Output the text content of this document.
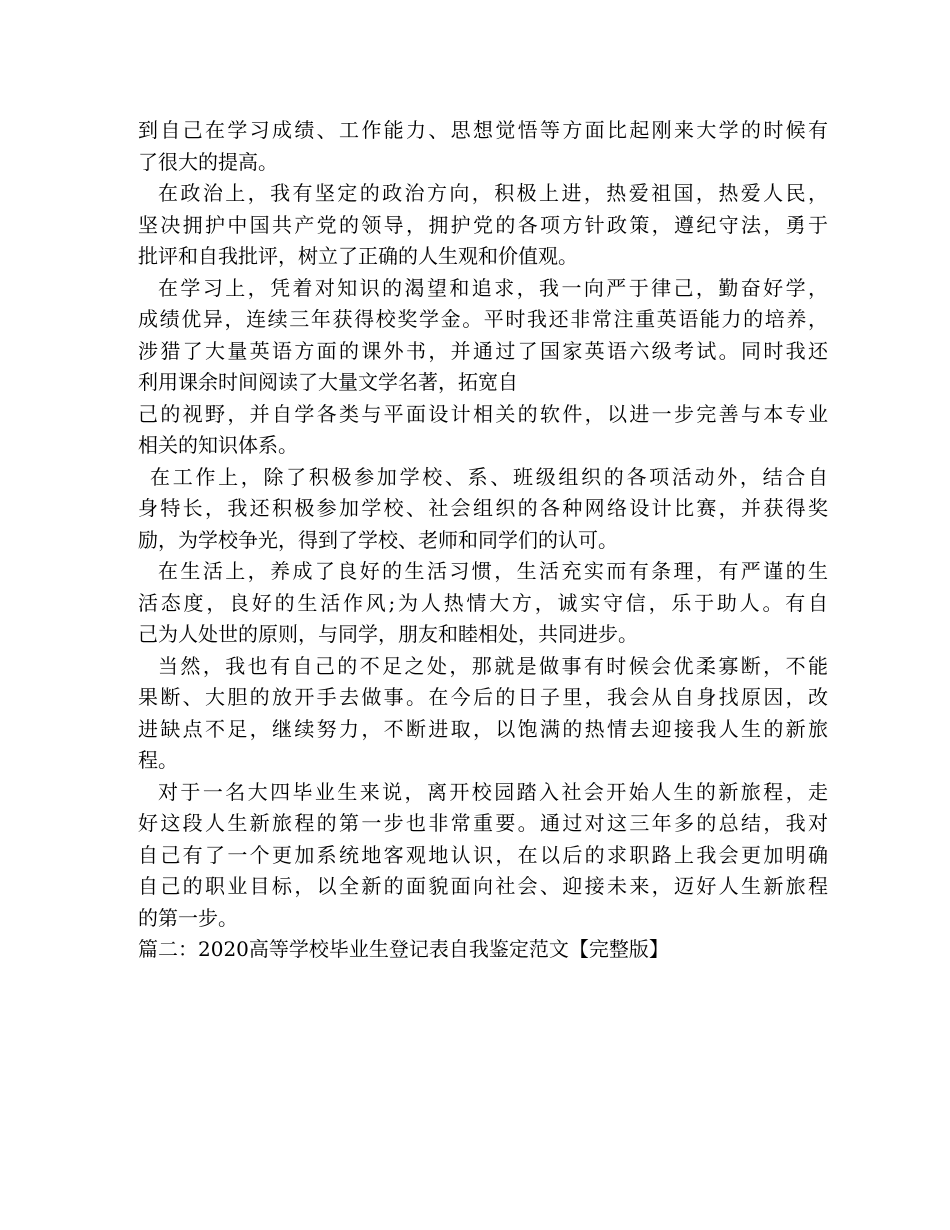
到自己在学习成绩、工作能力、思想觉悟等方面比起刚来大学的时候有
了很大的提高。
在政治上，我有坚定的政治方向，积极上进，热爱祖国，热爱人民，
坚决拥护中国共产党的领导，拥护党的各项方针政策，遵纪守法，勇于
批评和自我批评，树立了正确的人生观和价值观。
在学习上，凭着对知识的渴望和追求，我一向严于律己，勤奋好学，
成绩优异，连续三年获得校奖学金。平时我还非常注重英语能力的培养，
涉猎了大量英语方面的课外书，并通过了国家英语六级考试。同时我还
利用课余时间阅读了大量文学名著，拓宽自
己的视野，并自学各类与平面设计相关的软件，以进一步完善与本专业
相关的知识体系。
在工作上，除了积极参加学校、系、班级组织的各项活动外，结合自
身特长，我还积极参加学校、社会组织的各种网络设计比赛，并获得奖
励，为学校争光，得到了学校、老师和同学们的认可。
在生活上，养成了良好的生活习惯，生活充实而有条理，有严谨的生
活态度，良好的生活作风;为人热情大方，诚实守信，乐于助人。有自
己为人处世的原则，与同学，朋友和睦相处，共同进步。
当然，我也有自己的不足之处，那就是做事有时候会优柔寡断，不能
果断、大胆的放开手去做事。在今后的日子里，我会从自身找原因，改
进缺点不足，继续努力，不断进取，以饱满的热情去迎接我人生的新旅
程。
对于一名大四毕业生来说，离开校园踏入社会开始人生的新旅程，走
好这段人生新旅程的第一步也非常重要。通过对这三年多的总结，我对
自己有了一个更加系统地客观地认识，在以后的求职路上我会更加明确
自己的职业目标，以全新的面貌面向社会、迎接未来，迈好人生新旅程
的第一步。
篇二：2020高等学校毕业生登记表自我鉴定范文【完整版】
